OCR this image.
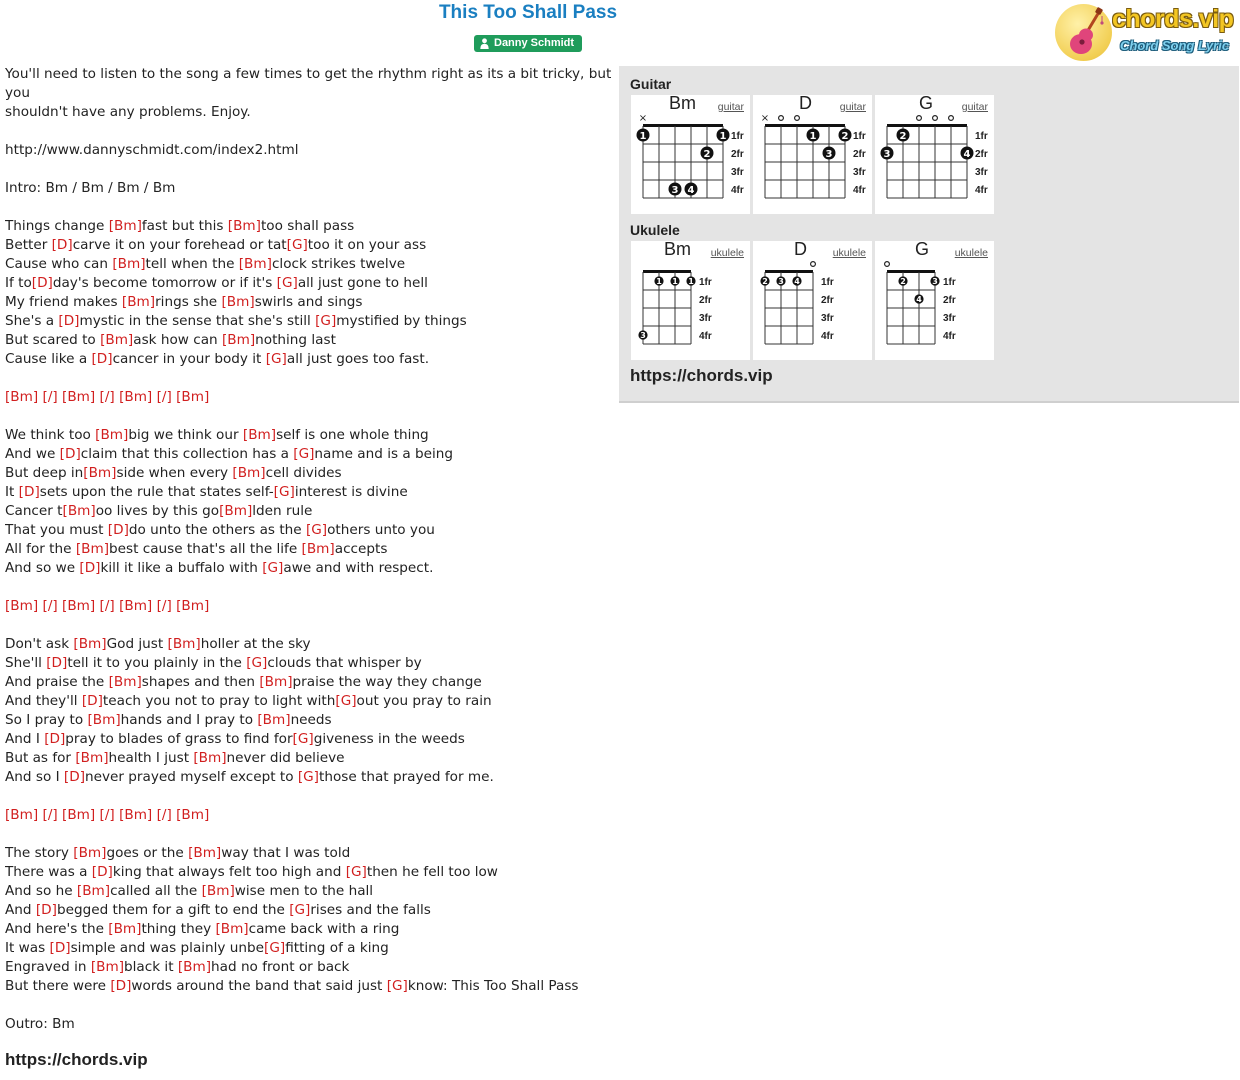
This Too Shall Pass
Danny Schmidt
chords.vip
Chord Song Lyric
You'll need to listen to the song a few times to get the rhythm right as its a bit tricky, but
you
shouldn't have any problems. Enjoy.
http://www.dannyschmidt.com/index2.html
Intro: Bm / Bm / Bm / Bm
Things change [Bm]fast but this [Bm]too shall pass
Better [D]carve it on your forehead or tat[G]too it on your ass
Cause who can [Bm]tell when the [Bm]clock strikes twelve
If to[D]day's become tomorrow or if it's [G]all just gone to hell
My friend makes [Bm]rings she [Bm]swirls and sings
She's a [D]mystic in the sense that she's still [G]mystified by things
But scared to [Bm]ask how can [Bm]nothing last
Cause like a [D]cancer in your body it [G]all just goes too fast.
[Bm] [/] [Bm] [/] [Bm] [/] [Bm]
We think too [Bm]big we think our [Bm]self is one whole thing
And we [D]claim that this collection has a [G]name and is a being
But deep in[Bm]side when every [Bm]cell divides
It [D]sets upon the rule that states self-[G]interest is divine
Cancer t[Bm]oo lives by this go[Bm]lden rule
That you must [D]do unto the others as the [G]others unto you
All for the [Bm]best cause that's all the life [Bm]accepts
And so we [D]kill it like a buffalo with [G]awe and with respect.
[Bm] [/] [Bm] [/] [Bm] [/] [Bm]
Don't ask [Bm]God just [Bm]holler at the sky
She'll [D]tell it to you plainly in the [G]clouds that whisper by
And praise the [Bm]shapes and then [Bm]praise the way they change
And they'll [D]teach you not to pray to light with[G]out you pray to rain
So I pray to [Bm]hands and I pray to [Bm]needs
And I [D]pray to blades of grass to find for[G]giveness in the weeds
But as for [Bm]health I just [Bm]never did believe
And so I [D]never prayed myself except to [G]those that prayed for me.
[Bm] [/] [Bm] [/] [Bm] [/] [Bm]
The story [Bm]goes or the [Bm]way that I was told
There was a [D]king that always felt too high and [G]then he fell too low
And so he [Bm]called all the [Bm]wise men to the hall
And [D]begged them for a gift to end the [G]rises and the falls
And here's the [Bm]thing they [Bm]came back with a ring
It was [D]simple and was plainly unbe[G]fitting of a king
Engraved in [Bm]black it [Bm]had no front or back
But there were [D]words around the band that said just [G]know: This Too Shall Pass
Outro: Bm
https://chords.vip
Guitar
Bm guitar
1fr
2fr
3fr
4fr
×
1	1
2
3 4
D	guitar
1fr
2fr
3fr
4fr
×
1	2
3
G	guitar
1fr
2fr
3fr
4fr
2
3	4
Ukulele
Bm ukulele
1fr
2fr
3fr
4fr
3
1 1 1
D ukulele
1fr
2fr
3fr
4fr
2 3 4
G ukulele
1fr
2fr
3fr
4fr
2	3
4
https://chords.vip
